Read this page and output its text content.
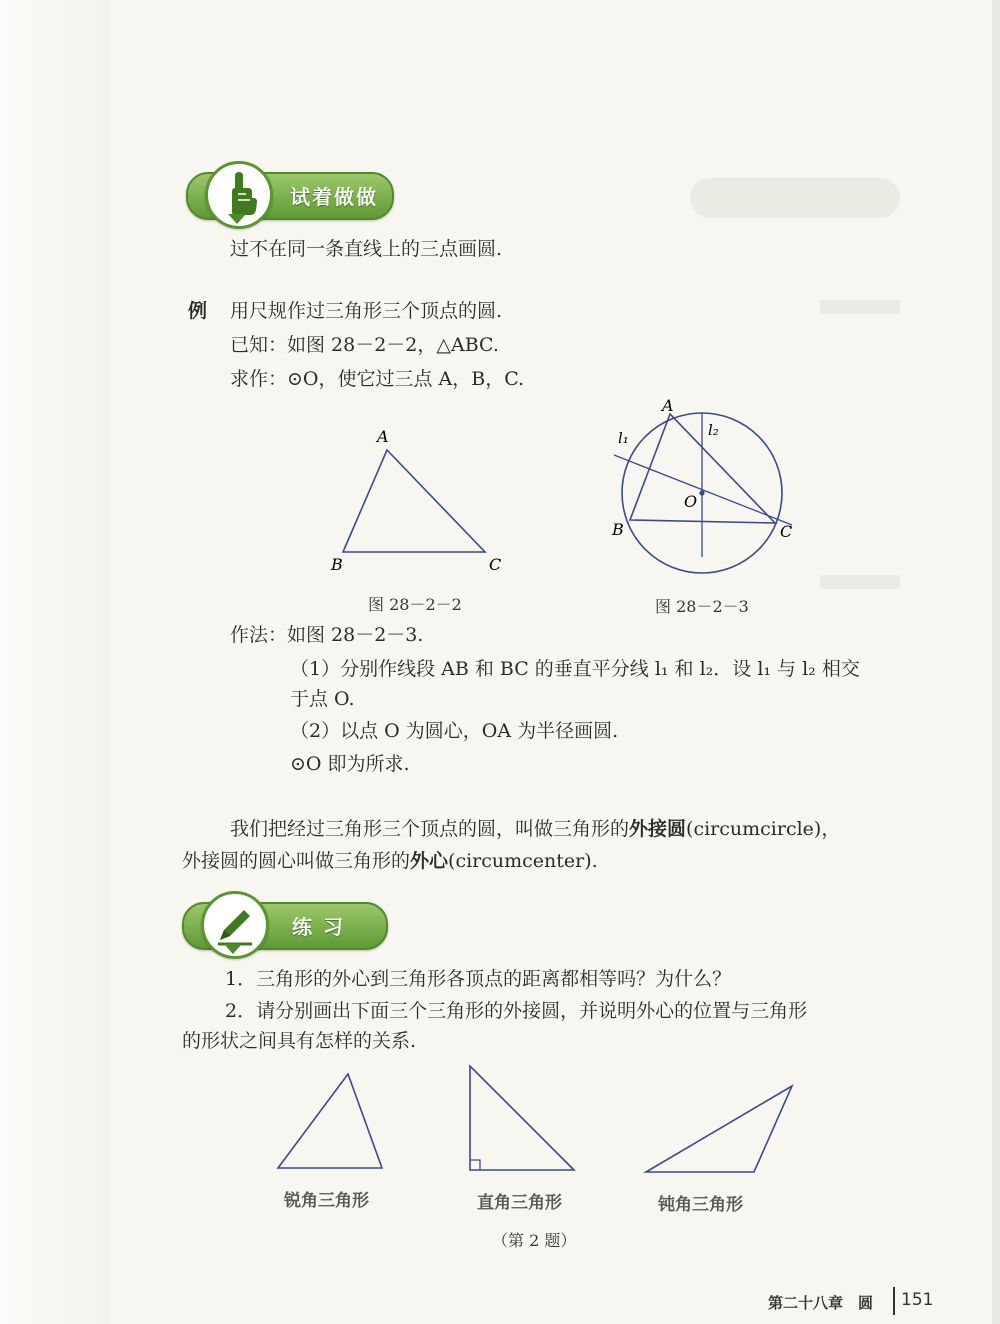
试着做做
过不在同一条直线上的三点画圆.
例 用尺规作过三角形三个顶点的圆.
已知：如图 28－2－2，△ABC.
求作：⊙O，使它过三点 A，B，C.
A
B	C
图 28－2－2
A
B	C
O
l₁	l₂
图 28－2－3
作法：如图 28－2－3.
（1）分别作线段 AB 和 BC 的垂直平分线 l₁ 和 l₂．设 l₁ 与 l₂ 相交
于点 O.
（2）以点 O 为圆心，OA 为半径画圆.
⊙O 即为所求.
我们把经过三角形三个顶点的圆，叫做三角形的外接圆(circumcircle)，
外接圆的圆心叫做三角形的外心(circumcenter).
练 习
1．三角形的外心到三角形各顶点的距离都相等吗？为什么？
2．请分别画出下面三个三角形的外接圆，并说明外心的位置与三角形
的形状之间具有怎样的关系.
锐角三角形	直角三角形	钝角三角形
（第 2 题）
第二十八章　圆 151
